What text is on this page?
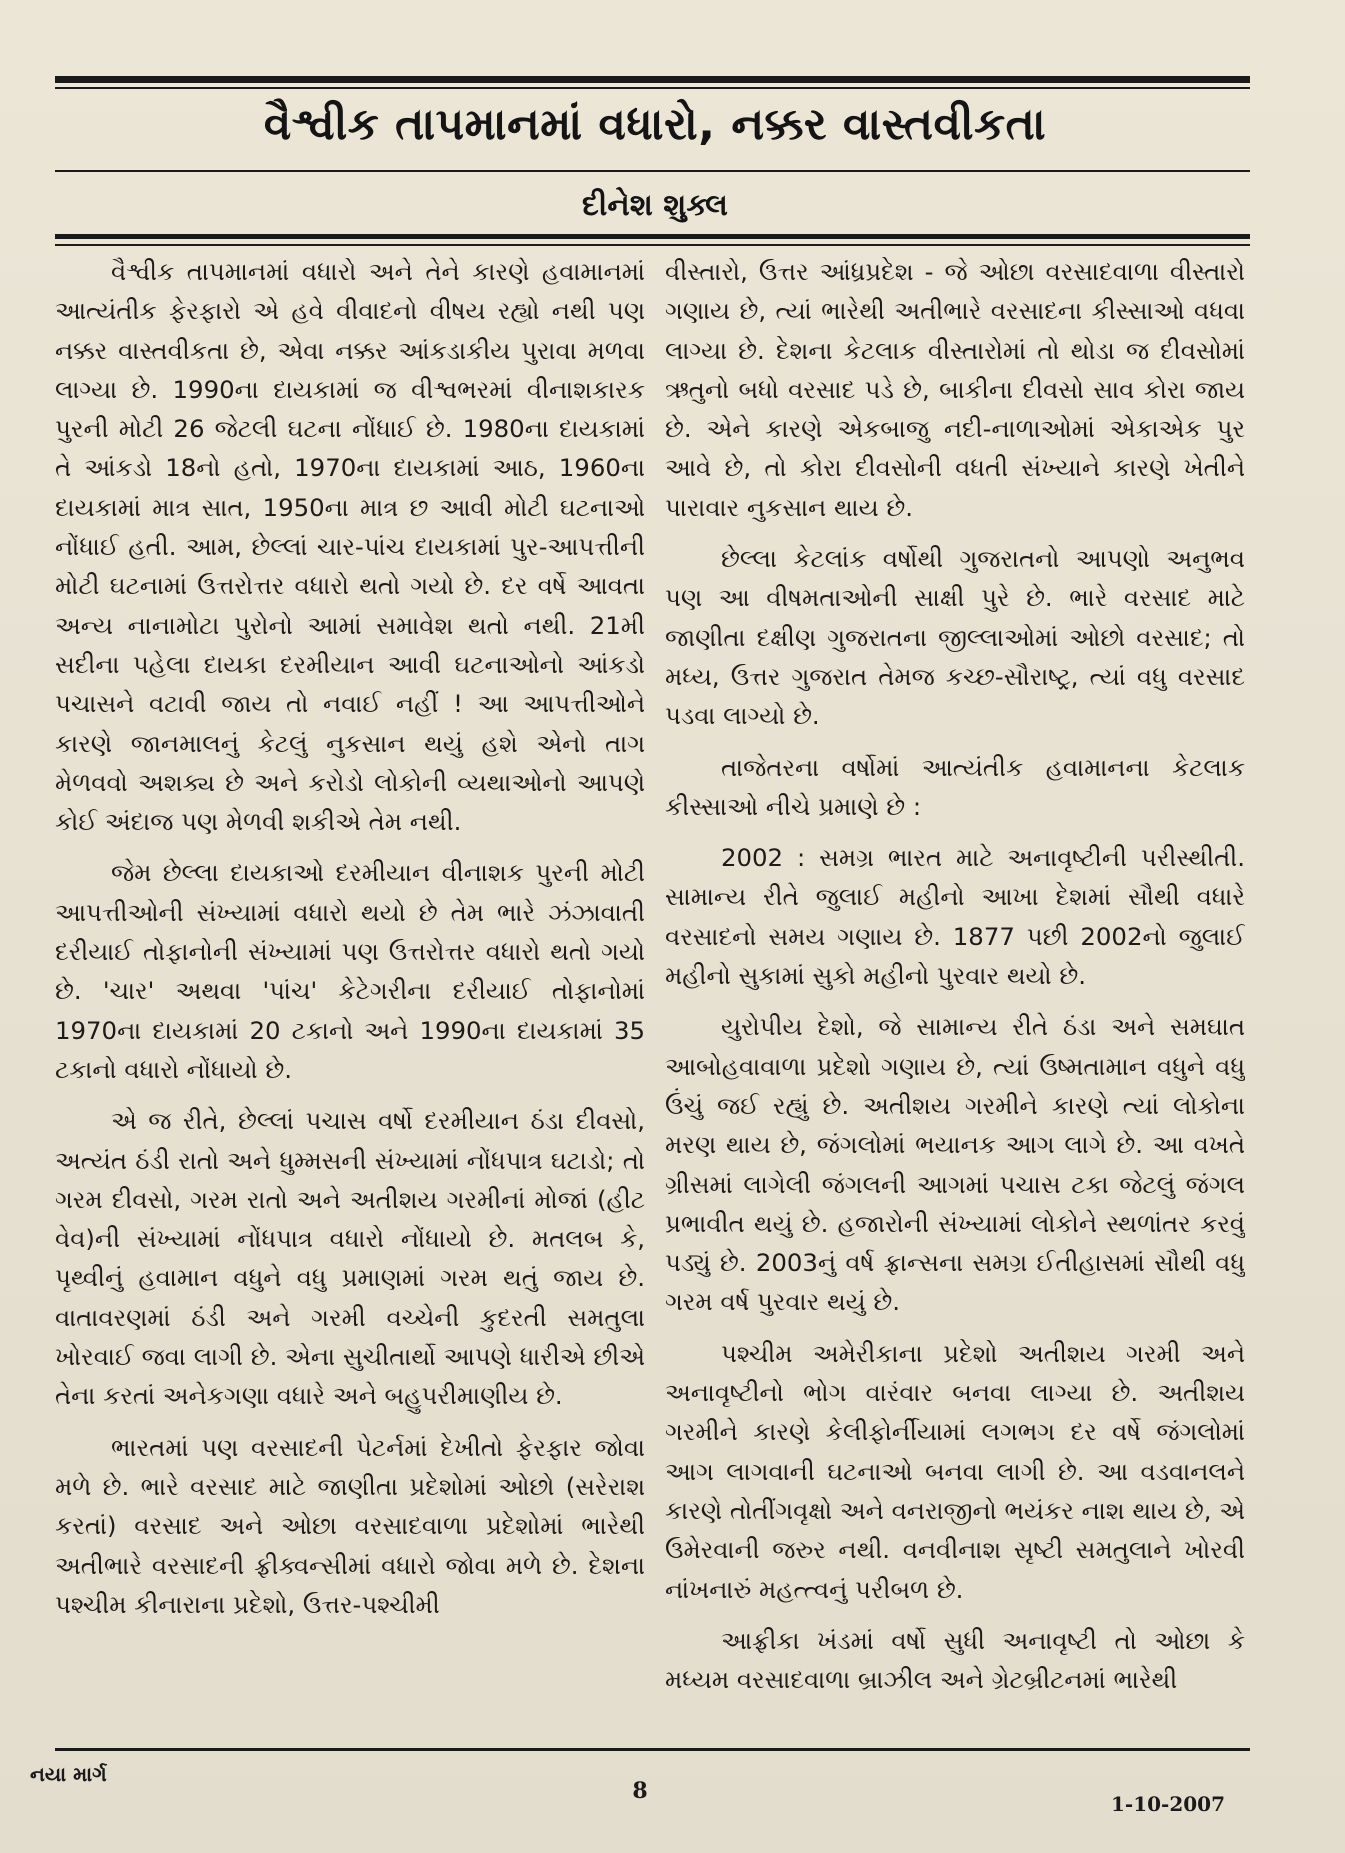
વૈશ્વીક તાપમાનમાં વધારો, નક્કર વાસ્તવીકતા
દીનેશ શુક્લ

વૈશ્વીક તાપમાનમાં વધારો અને તેને કારણે હવામાનમાં આત્યંતીક ફેરફારો એ હવે વીવાદનો વીષય રહ્યો નથી પણ નક્કર વાસ્તવીકતા છે, એવા નક્કર આંકડાકીય પુરાવા મળવા લાગ્યા છે. 1990ના દાયકામાં જ વીશ્વભરમાં વીનાશકારક પુરની મોટી 26 જેટલી ઘટના નોંધાઈ છે. 1980ના દાયકામાં તે આંકડો 18નો હતો, 1970ના દાયકામાં આઠ, 1960ના દાયકામાં માત્ર સાત, 1950ના માત્ર છ આવી મોટી ઘટનાઓ નોંધાઈ હતી. આમ, છેલ્લાં ચાર-પાંચ દાયકામાં પુર-આપત્તીની મોટી ઘટનામાં ઉત્તરોત્તર વધારો થતો ગયો છે. દર વર્ષે આવતા અન્ય નાનામોટા પુરોનો આમાં સમાવેશ થતો નથી. 21મી સદીના પહેલા દાયકા દરમીયાન આવી ઘટનાઓનો આંકડો પચાસને વટાવી જાય તો નવાઈ નહીં ! આ આપત્તીઓને કારણે જાનમાલનું કેટલું નુકસાન થયું હશે એનો તાગ મેળવવો અશક્ય છે અને કરોડો લોકોની વ્યથાઓનો આપણે કોઈ અંદાજ પણ મેળવી શકીએ તેમ નથી.

જેમ છેલ્લા દાયકાઓ દરમીયાન વીનાશક પુરની મોટી આપત્તીઓની સંખ્યામાં વધારો થયો છે તેમ ભારે ઝંઝાવાતી દરીયાઈ તોફાનોની સંખ્યામાં પણ ઉત્તરોત્તર વધારો થતો ગયો છે. 'ચાર' અથવા 'પાંચ' કેટેગરીના દરીયાઈ તોફાનોમાં 1970ના દાયકામાં 20 ટકાનો અને 1990ના દાયકામાં 35 ટકાનો વધારો નોંધાયો છે.

એ જ રીતે, છેલ્લાં પચાસ વર્ષો દરમીયાન ઠંડા દીવસો, અત્યંત ઠંડી રાતો અને ધુમ્મસની સંખ્યામાં નોંધપાત્ર ઘટાડો; તો ગરમ દીવસો, ગરમ રાતો અને અતીશય ગરમીનાં મોજાં (હીટ વેવ)ની સંખ્યામાં નોંધપાત્ર વધારો નોંધાયો છે. મતલબ કે, પૃથ્વીનું હવામાન વધુને વધુ પ્રમાણમાં ગરમ થતું જાય છે. વાતાવરણમાં ઠંડી અને ગરમી વચ્ચેની કુદરતી સમતુલા ખોરવાઈ જવા લાગી છે. એના સુચીતાર્થો આપણે ધારીએ છીએ તેના કરતાં અનેકગણા વધારે અને બહુપરીમાણીય છે.

ભારતમાં પણ વરસાદની પેટર્નમાં દેખીતો ફેરફાર જોવા મળે છે. ભારે વરસાદ માટે જાણીતા પ્રદેશોમાં ઓછો (સરેરાશ કરતાં) વરસાદ અને ઓછા વરસાદવાળા પ્રદેશોમાં ભારેથી અતીભારે વરસાદની ફ્રીક્વન્સીમાં વધારો જોવા મળે છે. દેશના પશ્ચીમ કીનારાના પ્રદેશો, ઉત્તર-પશ્ચીમી

વીસ્તારો, ઉત્તર આંધ્રપ્રદેશ - જે ઓછા વરસાદવાળા વીસ્તારો ગણાય છે, ત્યાં ભારેથી અતીભારે વરસાદના કીસ્સાઓ વધવા લાગ્યા છે. દેશના કેટલાક વીસ્તારોમાં તો થોડા જ દીવસોમાં ઋતુનો બધો વરસાદ પડે છે, બાકીના દીવસો સાવ કોરા જાય છે. એને કારણે એકબાજુ નદી-નાળાઓમાં એકાએક પુર આવે છે, તો કોરા દીવસોની વધતી સંખ્યાને કારણે ખેતીને પારાવાર નુકસાન થાય છે.

છેલ્લા કેટલાંક વર્ષોથી ગુજરાતનો આપણો અનુભવ પણ આ વીષમતાઓની સાક્ષી પુરે છે. ભારે વરસાદ માટે જાણીતા દક્ષીણ ગુજરાતના જીલ્લાઓમાં ઓછો વરસાદ; તો મધ્ય, ઉત્તર ગુજરાત તેમજ કચ્છ-સૌરાષ્ટ્ર, ત્યાં વધુ વરસાદ પડવા લાગ્યો છે.

તાજેતરના વર્ષોમાં આત્યંતીક હવામાનના કેટલાક કીસ્સાઓ નીચે પ્રમાણે છે :

2002 : સમગ્ર ભારત માટે અનાવૃષ્ટીની પરીસ્થીતી. સામાન્ય રીતે જુલાઈ મહીનો આખા દેશમાં સૌથી વધારે વરસાદનો સમય ગણાય છે. 1877 પછી 2002નો જુલાઈ મહીનો સુકામાં સુકો મહીનો પુરવાર થયો છે.

યુરોપીય દેશો, જે સામાન્ય રીતે ઠંડા અને સમઘાત આબોહવાવાળા પ્રદેશો ગણાય છે, ત્યાં ઉષ્મતામાન વધુને વધુ ઉંચું જઈ રહ્યું છે. અતીશય ગરમીને કારણે ત્યાં લોકોના મરણ થાય છે, જંગલોમાં ભયાનક આગ લાગે છે. આ વખતે ગ્રીસમાં લાગેલી જંગલની આગમાં પચાસ ટકા જેટલું જંગલ પ્રભાવીત થયું છે. હજારોની સંખ્યામાં લોકોને સ્થળાંતર કરવું પડ્યું છે. 2003નું વર્ષ ફ્રાન્સના સમગ્ર ઈતીહાસમાં સૌથી વધુ ગરમ વર્ષ પુરવાર થયું છે.

પશ્ચીમ અમેરીકાના પ્રદેશો અતીશય ગરમી અને અનાવૃષ્ટીનો ભોગ વારંવાર બનવા લાગ્યા છે. અતીશય ગરમીને કારણે કેલીફોર્નીયામાં લગભગ દર વર્ષે જંગલોમાં આગ લાગવાની ઘટનાઓ બનવા લાગી છે. આ વડવાનલને કારણે તોતીંગવૃક્ષો અને વનરાજીનો ભયંકર નાશ થાય છે, એ ઉમેરવાની જરુર નથી. વનવીનાશ સૃષ્ટી સમતુલાને ખોરવી નાંખનારું મહત્ત્વનું પરીબળ છે.

આફ્રીકા ખંડમાં વર્ષો સુધી અનાવૃષ્ટી તો ઓછા કે મધ્યમ વરસાદવાળા બ્રાઝીલ અને ગ્રેટબ્રીટનમાં ભારેથી

નયા માર્ગ
8	1-10-2007
